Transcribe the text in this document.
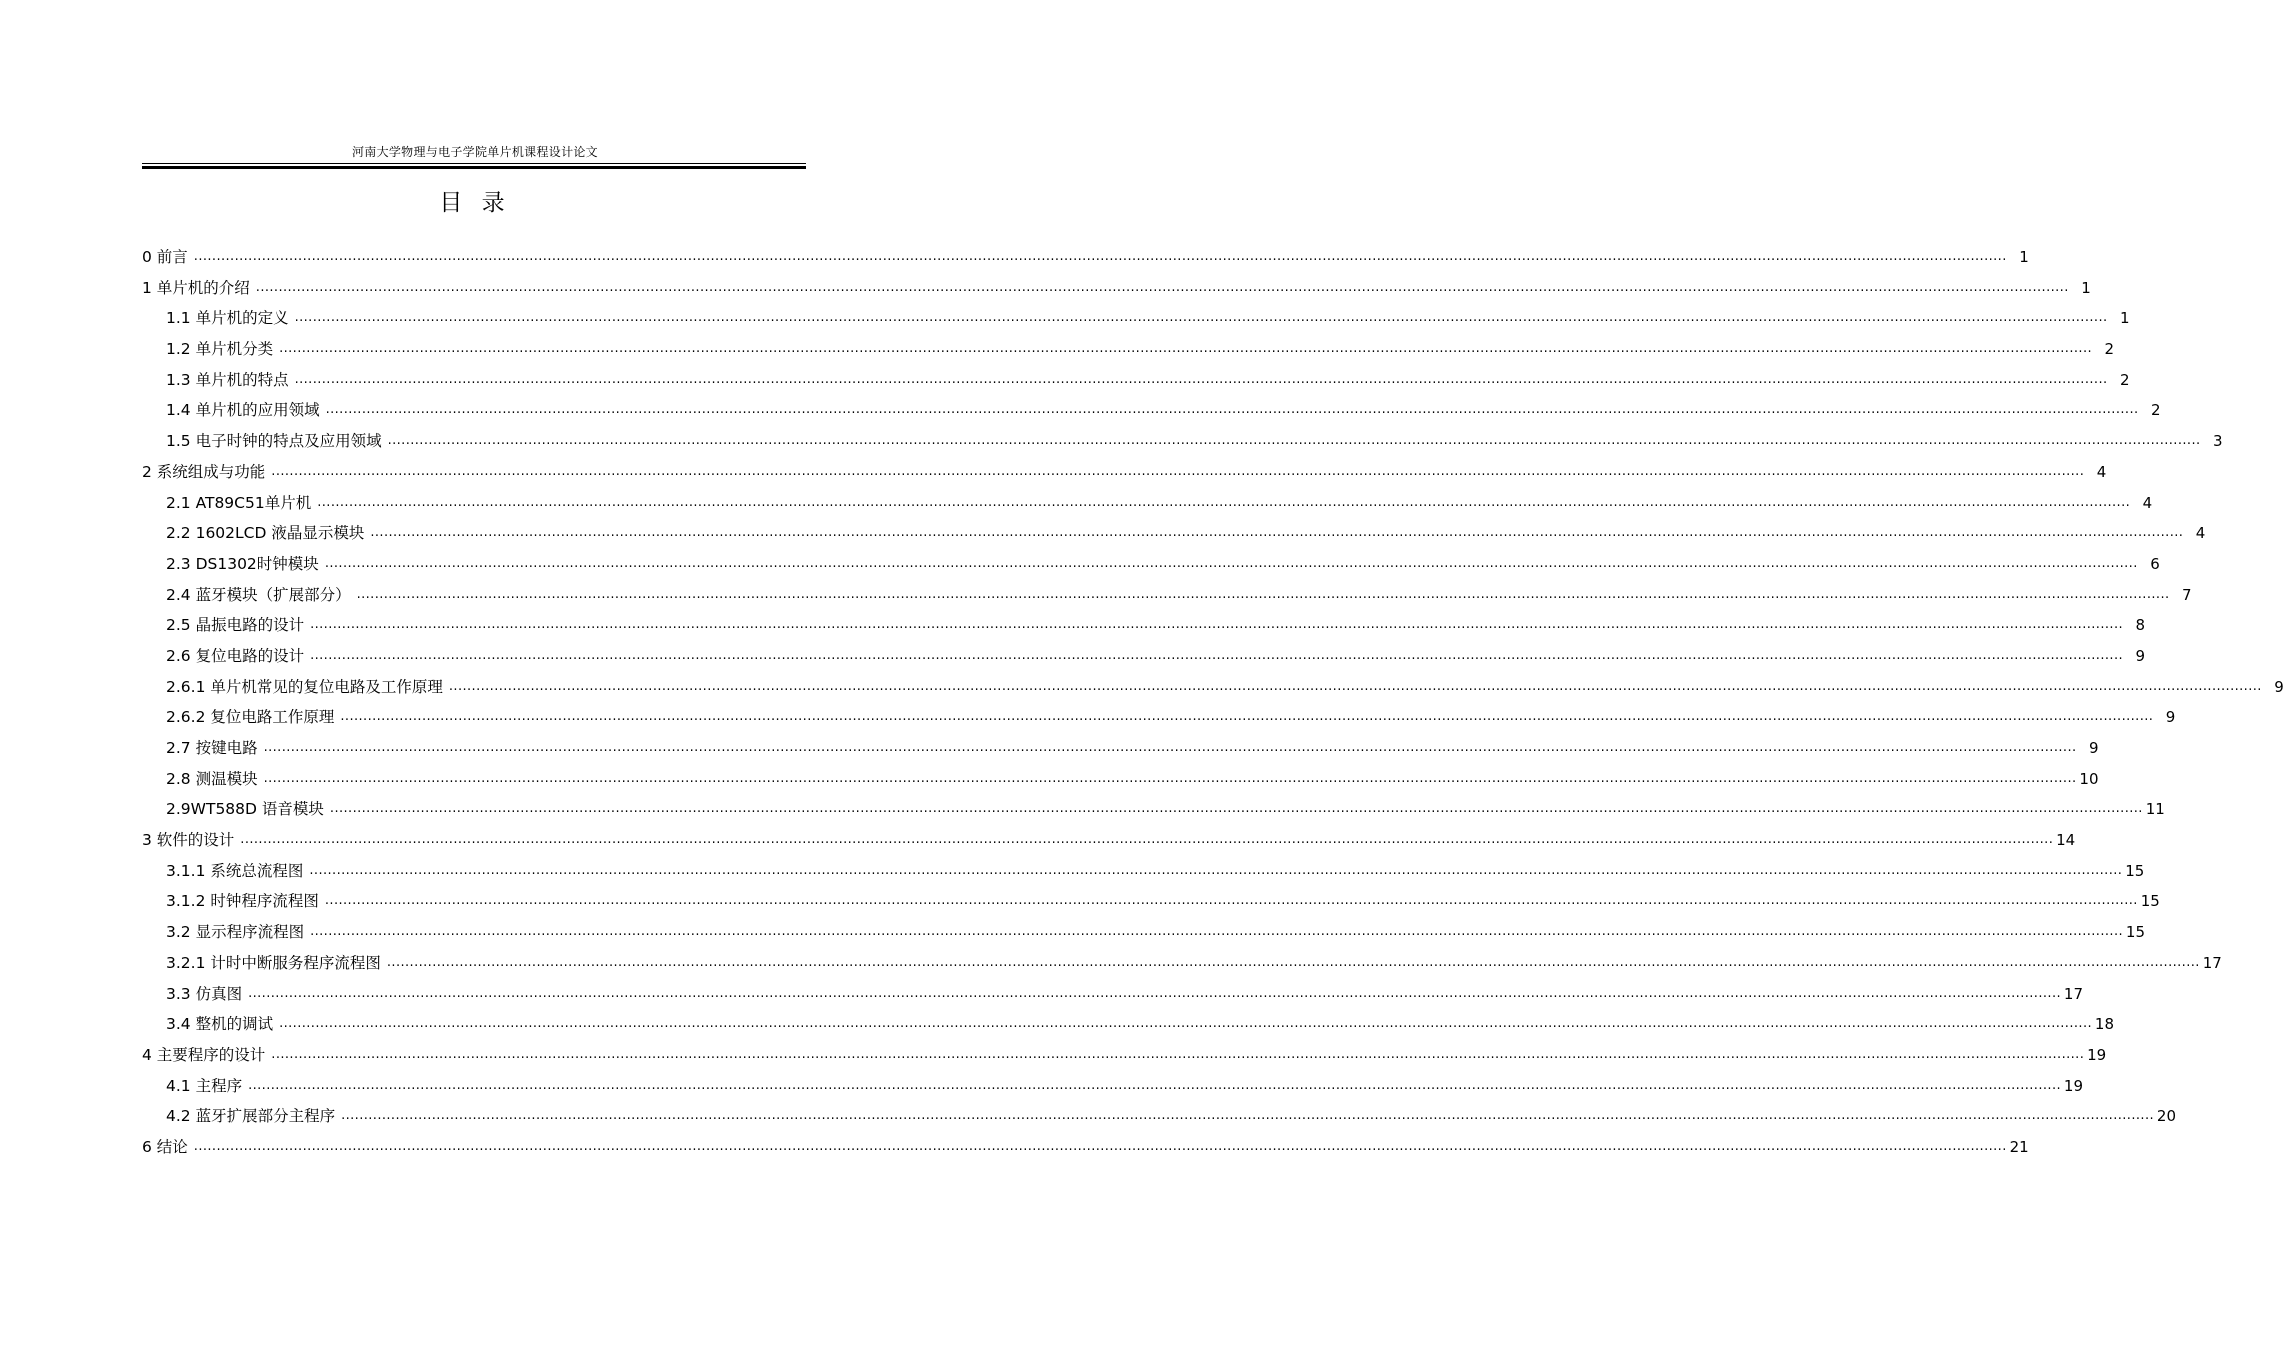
河南大学物理与电子学院单片机课程设计论文
目 录
0 前言 ................................................................................................................................................................................................................................................................................................................................................................................................................ 1
1 单片机的介绍 ................................................................................................................................................................................................................................................................................................................................................................................................................ 1
1.1 单片机的定义 ................................................................................................................................................................................................................................................................................................................................................................................................................ 1
1.2 单片机分类 ................................................................................................................................................................................................................................................................................................................................................................................................................ 2
1.3 单片机的特点 ................................................................................................................................................................................................................................................................................................................................................................................................................ 2
1.4 单片机的应用领域 ................................................................................................................................................................................................................................................................................................................................................................................................................ 2
1.5 电子时钟的特点及应用领域 ................................................................................................................................................................................................................................................................................................................................................................................................................ 3
2 系统组成与功能 ................................................................................................................................................................................................................................................................................................................................................................................................................ 4
2.1 AT89C51单片机 ................................................................................................................................................................................................................................................................................................................................................................................................................ 4
2.2 1602LCD 液晶显示模块 ................................................................................................................................................................................................................................................................................................................................................................................................................ 4
2.3 DS1302时钟模块 ................................................................................................................................................................................................................................................................................................................................................................................................................ 6
2.4 蓝牙模块（扩展部分） ................................................................................................................................................................................................................................................................................................................................................................................................................ 7
2.5 晶振电路的设计 ................................................................................................................................................................................................................................................................................................................................................................................................................ 8
2.6 复位电路的设计 ................................................................................................................................................................................................................................................................................................................................................................................................................ 9
2.6.1 单片机常见的复位电路及工作原理 ................................................................................................................................................................................................................................................................................................................................................................................................................ 9
2.6.2 复位电路工作原理 ................................................................................................................................................................................................................................................................................................................................................................................................................ 9
2.7 按键电路 ................................................................................................................................................................................................................................................................................................................................................................................................................ 9
2.8 测温模块 ................................................................................................................................................................................................................................................................................................................................................................................................................ 10
2.9WT588D 语音模块 ................................................................................................................................................................................................................................................................................................................................................................................................................ 11
3 软件的设计 ................................................................................................................................................................................................................................................................................................................................................................................................................ 14
3.1.1 系统总流程图 ................................................................................................................................................................................................................................................................................................................................................................................................................ 15
3.1.2 时钟程序流程图 ................................................................................................................................................................................................................................................................................................................................................................................................................ 15
3.2 显示程序流程图 ................................................................................................................................................................................................................................................................................................................................................................................................................ 15
3.2.1 计时中断服务程序流程图 ................................................................................................................................................................................................................................................................................................................................................................................................................ 17
3.3 仿真图 ................................................................................................................................................................................................................................................................................................................................................................................................................ 17
3.4 整机的调试 ................................................................................................................................................................................................................................................................................................................................................................................................................ 18
4 主要程序的设计 ................................................................................................................................................................................................................................................................................................................................................................................................................ 19
4.1 主程序 ................................................................................................................................................................................................................................................................................................................................................................................................................ 19
4.2 蓝牙扩展部分主程序 ................................................................................................................................................................................................................................................................................................................................................................................................................ 20
6 结论 ................................................................................................................................................................................................................................................................................................................................................................................................................ 21
